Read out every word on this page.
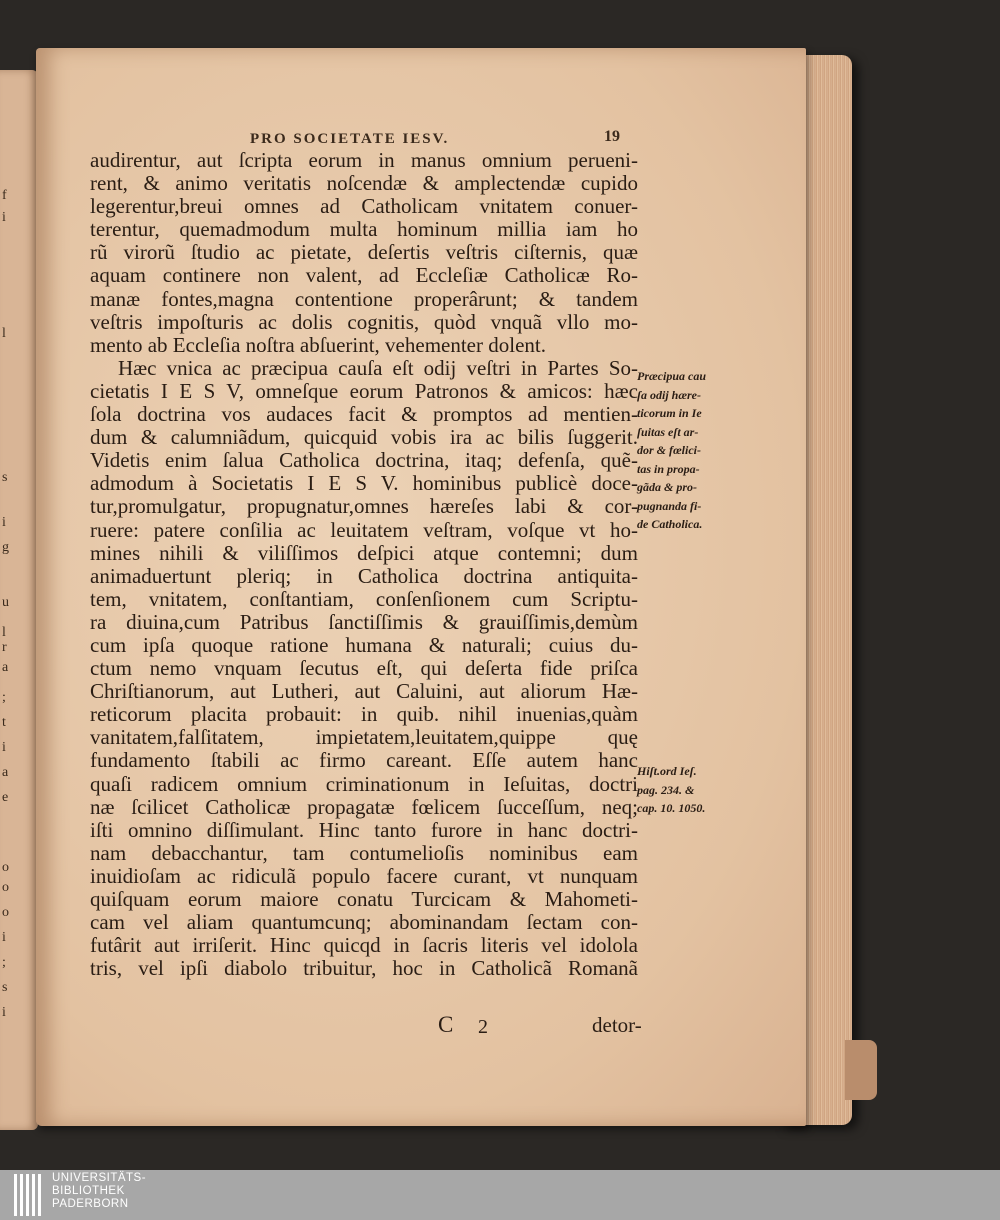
f
i
l
s
i
g
u
l
r
a
;
t
i
a
e
o
o
o
i
;
s
i
PRO SOCIETATE IESV.	19
audirentur, aut ſcripta eorum in manus omnium perueni-
rent, & animo veritatis noſcendæ & amplectendæ cupido
legerentur,breui omnes ad Catholicam vnitatem conuer-
terentur, quemadmodum multa hominum millia iam ho
rũ virorũ ſtudio ac pietate, deſertis veſtris ciſternis, quæ
aquam continere non valent, ad Eccleſiæ Catholicæ Ro-
manæ fontes,magna contentione properârunt; & tandem
veſtris impoſturis ac dolis cognitis, quòd vnquã vllo mo-
mento ab Eccleſia noſtra abſuerint, vehementer dolent.
Hæc vnica ac præcipua cauſa eſt odij veſtri in Partes So-
cietatis I E S V, omneſque eorum Patronos & amicos: hæc
ſola doctrina vos audaces facit & promptos ad mentien-
dum & calumniãdum, quicquid vobis ira ac bilis ſuggerit.
Videtis enim ſalua Catholica doctrina, itaq; defenſa, quẽ-
admodum à Societatis I E S V. hominibus publicè doce-
tur,promulgatur, propugnatur,omnes hæreſes labi & cor-
ruere: patere conſilia ac leuitatem veſtram, voſque vt ho-
mines nihili & viliſſimos deſpici atque contemni; dum
animaduertunt pleriq; in Catholica doctrina antiquita-
tem, vnitatem, conſtantiam, conſenſionem cum Scriptu-
ra diuina,cum Patribus ſanctiſſimis & grauiſſimis,demùm
cum ipſa quoque ratione humana & naturali; cuius du-
ctum nemo vnquam ſecutus eſt, qui deſerta fide priſca
Chriſtianorum, aut Lutheri, aut Caluini, aut aliorum Hæ-
reticorum placita probauit: in quib. nihil inuenias,quàm
vanitatem,falſitatem, impietatem,leuitatem,quippe quę
fundamento ſtabili ac firmo careant. Eſſe autem hanc
quaſi radicem omnium criminationum in Ieſuitas, doctri
næ ſcilicet Catholicæ propagatæ fœlicem ſucceſſum, neq;
iſti omnino diſſimulant. Hinc tanto furore in hanc doctri-
nam debacchantur, tam contumelioſis nominibus eam
inuidioſam ac ridiculã populo facere curant, vt nunquam
quiſquam eorum maiore conatu Turcicam & Mahometi-
cam vel aliam quantumcunq; abominandam ſectam con-
futârit aut irriſerit. Hinc quicqd in ſacris literis vel idolola
tris, vel ipſi diabolo tribuitur, hoc in Catholicã Romanã
Præcipua cau
ſa odij hære-
ticorum in Ie
ſuitas eſt ar-
dor & fœlici-
tas in propa-
gãda & pro-
pugnanda fi-
de Catholica.
Hiſt.ord Ieſ.
pag. 234. &
cap. 10. 1050.
C 2	detor-
UNIVERSITÄTS-
BIBLIOTHEK
PADERBORN
